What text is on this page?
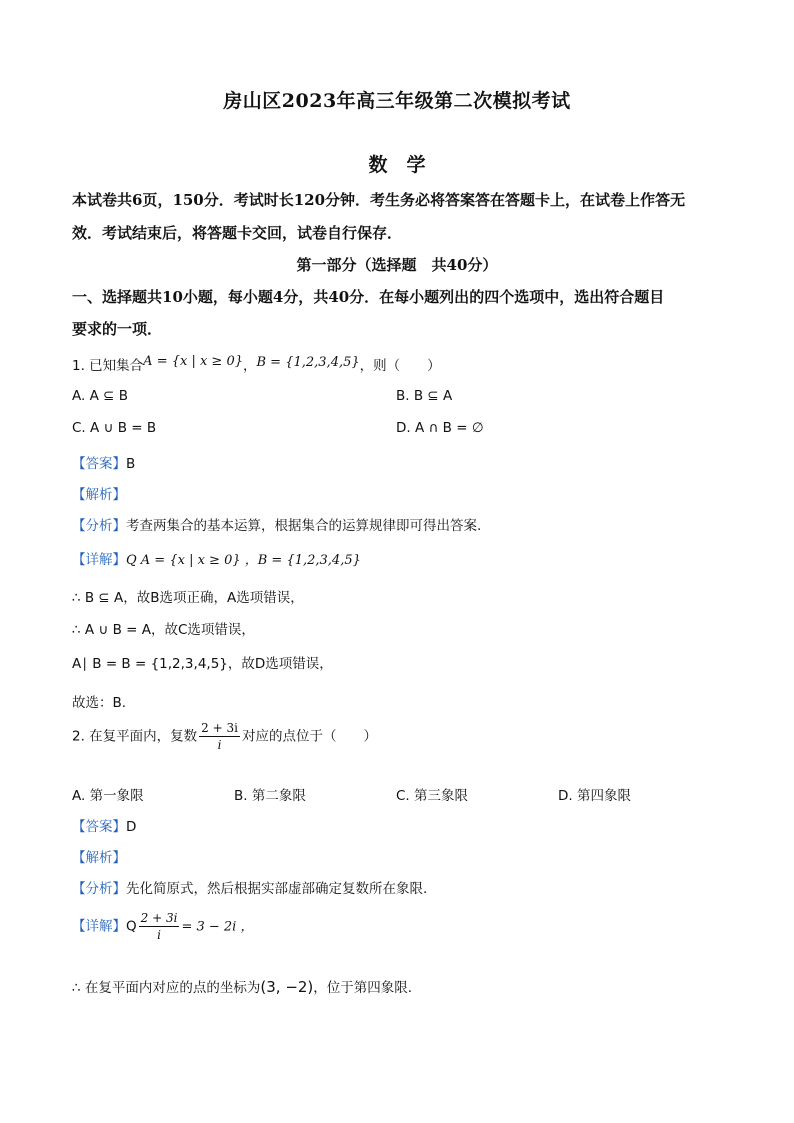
房山区2023年高三年级第二次模拟考试
数　学
本试卷共6页，150分．考试时长120分钟．考生务必将答案答在答题卡上，在试卷上作答无
效．考试结束后，将答题卡交回，试卷自行保存．
第一部分（选择题　共40分）
一、选择题共10小题，每小题4分，共40分．在每小题列出的四个选项中，选出符合题目
要求的一项．
1. 已知集合A = {x | x ≥ 0}，B = {1,2,3,4,5}，则（　　）
A. A ⊆ B	B. B ⊆ A
C. A ∪ B = B	D. A ∩ B = ∅
【答案】B
【解析】
【分析】考查两集合的基本运算，根据集合的运算规律即可得出答案.
【详解】Q A = {x | x ≥ 0} ，B = {1,2,3,4,5}
∴ B ⊆ A，故B选项正确，A选项错误，
∴ A ∪ B = A，故C选项错误，
A∣ B = B = {1,2,3,4,5}，故D选项错误，
故选：B.
2. 在复平面内，复数 $\frac{2 + 3i}{i}$ 对应的点位于（　　）
A. 第一象限	B. 第二象限	C. 第三象限	D. 第四象限
【答案】D
【解析】
【分析】先化简原式，然后根据实部虚部确定复数所在象限.
【详解】Q $\frac{2 + 3i}{i} = 3 - 2i$ ，
∴ 在复平面内对应的点的坐标为(3, −2)，位于第四象限.
